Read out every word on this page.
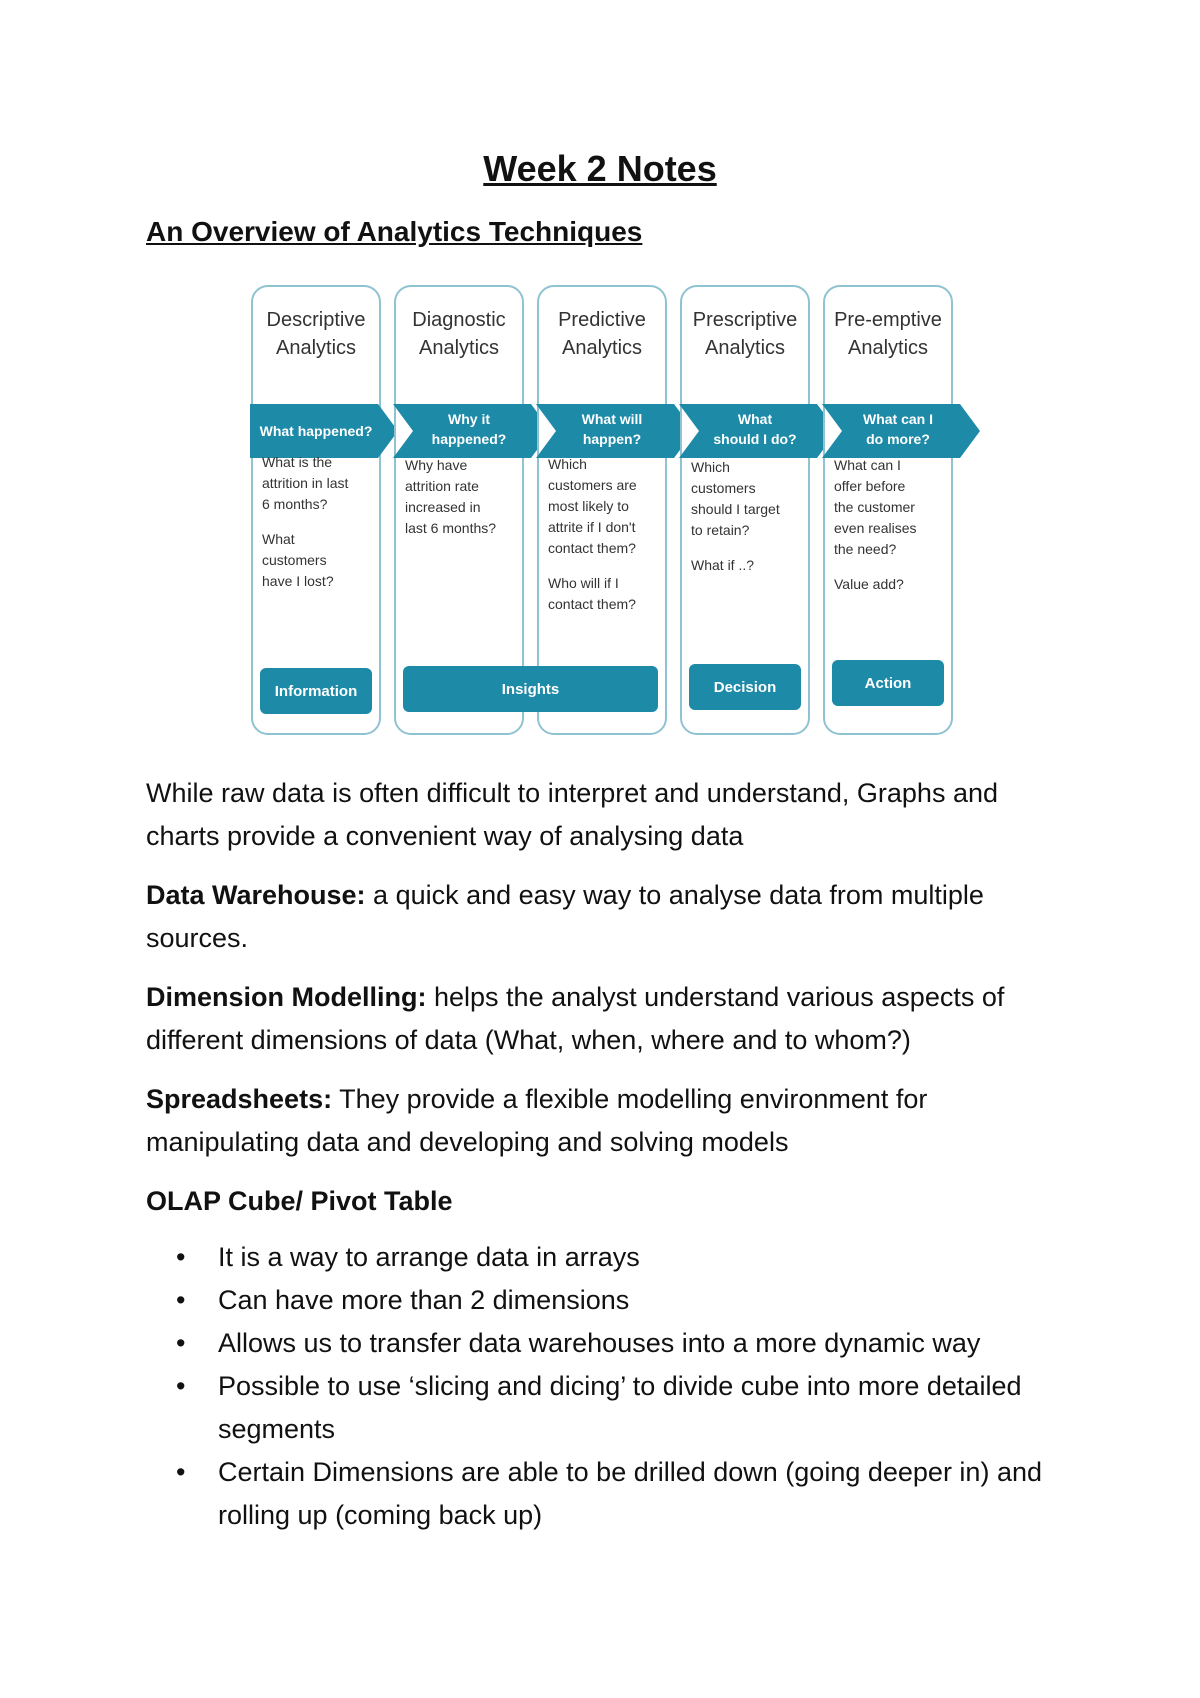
Week 2 Notes
An Overview of Analytics Techniques
Descriptive
Analytics
What happened?
What is the
attrition in last
6 months?
What
customers
have I lost?
Information
Diagnostic
Analytics
Why it
happened?
Why have
attrition rate
increased in
last 6 months?
Predictive
Analytics
What will
happen?
Which
customers are
most likely to
attrite if I don't
contact them?
Who will if I
contact them?
Prescriptive
Analytics
What
should I do?
Which
customers
should I target
to retain?
What if ..?
Decision
Pre-emptive
Analytics
What can I
do more?
What can I
offer before
the customer
even realises
the need?
Value add?
Action
Insights
While raw data is often difficult to interpret and understand, Graphs and charts provide a convenient way of analysing data
Data Warehouse: a quick and easy way to analyse data from multiple sources.
Dimension Modelling: helps the analyst understand various aspects of different dimensions of data (What, when, where and to whom?)
Spreadsheets: They provide a flexible modelling environment for manipulating data and developing and solving models
OLAP Cube/ Pivot Table
• It is a way to arrange data in arrays
• Can have more than 2 dimensions
• Allows us to transfer data warehouses into a more dynamic way
• Possible to use ‘slicing and dicing’ to divide cube into more detailed segments
• Certain Dimensions are able to be drilled down (going deeper in) and rolling up (coming back up)
